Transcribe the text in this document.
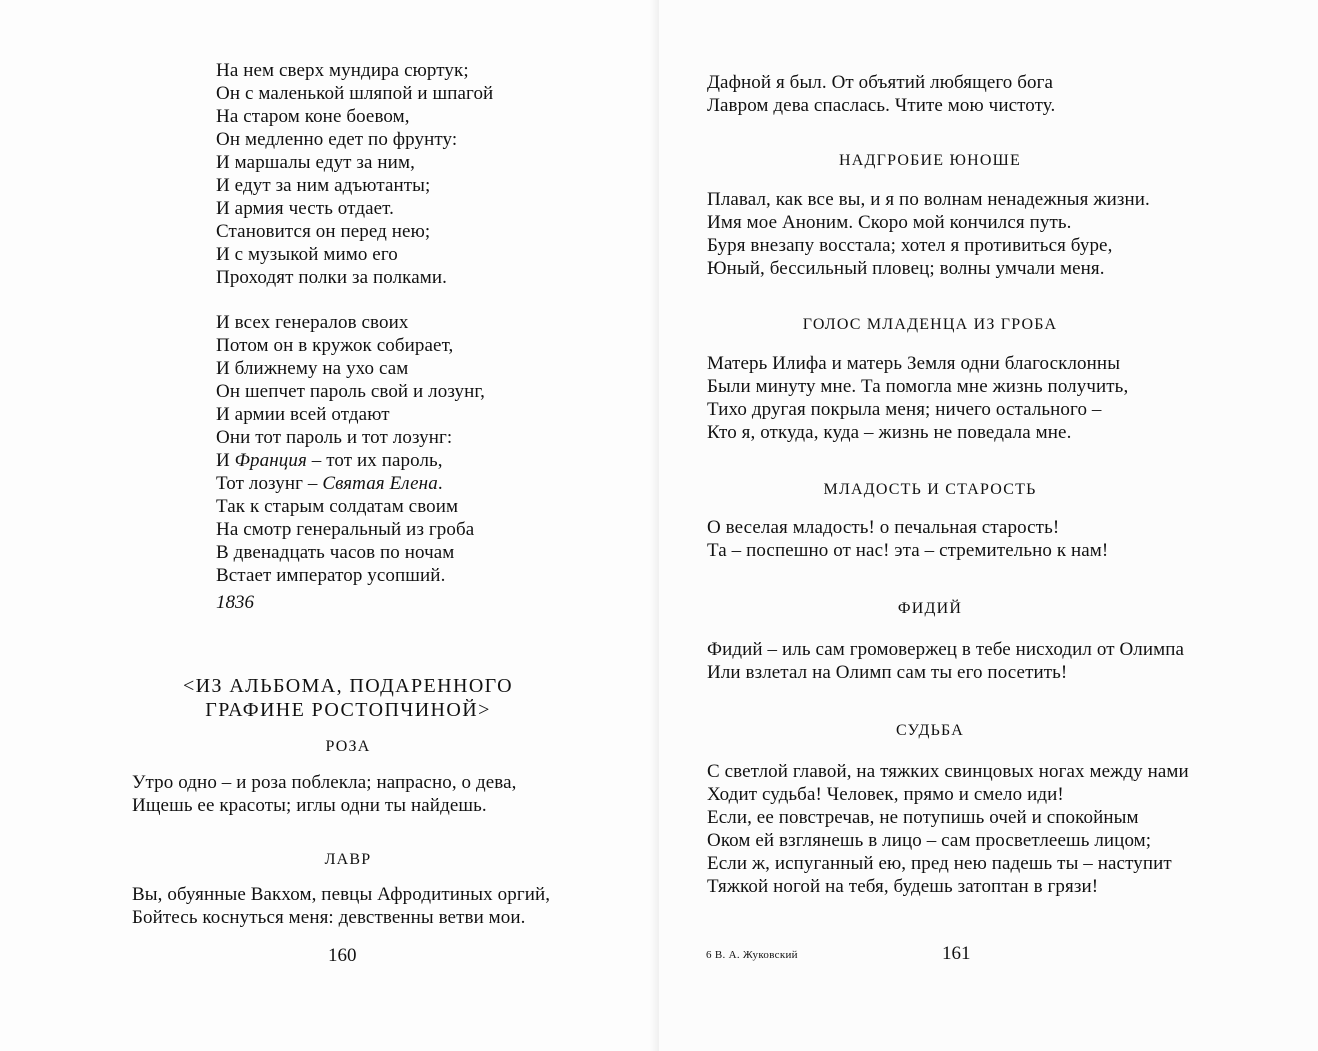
На нем сверх мундира сюртук;
Он с маленькой шляпой и шпагой
На старом коне боевом,
Он медленно едет по фрунту:
И маршалы едут за ним,
И едут за ним адъютанты;
И армия честь отдает.
Становится он перед нею;
И с музыкой мимо его
Проходят полки за полками.
И всех генералов своих
Потом он в кружок собирает,
И ближнему на ухо сам
Он шепчет пароль свой и лозунг,
И армии всей отдают
Они тот пароль и тот лозунг:
И Франция – тот их пароль,
Тот лозунг – Святая Елена.
Так к старым солдатам своим
На смотр генеральный из гроба
В двенадцать часов по ночам
Встает император усопший.
1836
<ИЗ АЛЬБОМА, ПОДАРЕННОГО
ГРАФИНЕ РОСТОПЧИНОЙ>
РОЗА
Утро одно – и роза поблекла; напрасно, о дева,
Ищешь ее красоты; иглы одни ты найдешь.
ЛАВР
Вы, обуянные Вакхом, певцы Афродитиных оргий,
Бойтесь коснуться меня: девственны ветви мои.
160
Дафной я был. От объятий любящего бога
Лавром дева спаслась. Чтите мою чистоту.
НАДГРОБИЕ ЮНОШЕ
Плавал, как все вы, и я по волнам ненадежныя жизни.
Имя мое Аноним. Скоро мой кончился путь.
Буря внезапу восстала; хотел я противиться буре,
Юный, бессильный пловец; волны умчали меня.
ГОЛОС МЛАДЕНЦА ИЗ ГРОБА
Матерь Илифа и матерь Земля одни благосклонны
Были минуту мне. Та помогла мне жизнь получить,
Тихо другая покрыла меня; ничего остального –
Кто я, откуда, куда – жизнь не поведала мне.
МЛАДОСТЬ И СТАРОСТЬ
О веселая младость! о печальная старость!
Та – поспешно от нас! эта – стремительно к нам!
ФИДИЙ
Фидий – иль сам громовержец в тебе нисходил от Олимпа
Или взлетал на Олимп сам ты его посетить!
СУДЬБА
С светлой главой, на тяжких свинцовых ногах между нами
Ходит судьба! Человек, прямо и смело иди!
Если, ее повстречав, не потупишь очей и спокойным
Оком ей взглянешь в лицо – сам просветлеешь лицом;
Если ж, испуганный ею, пред нею падешь ты – наступит
Тяжкой ногой на тебя, будешь затоптан в грязи!
6 В. А. Жуковский	161
